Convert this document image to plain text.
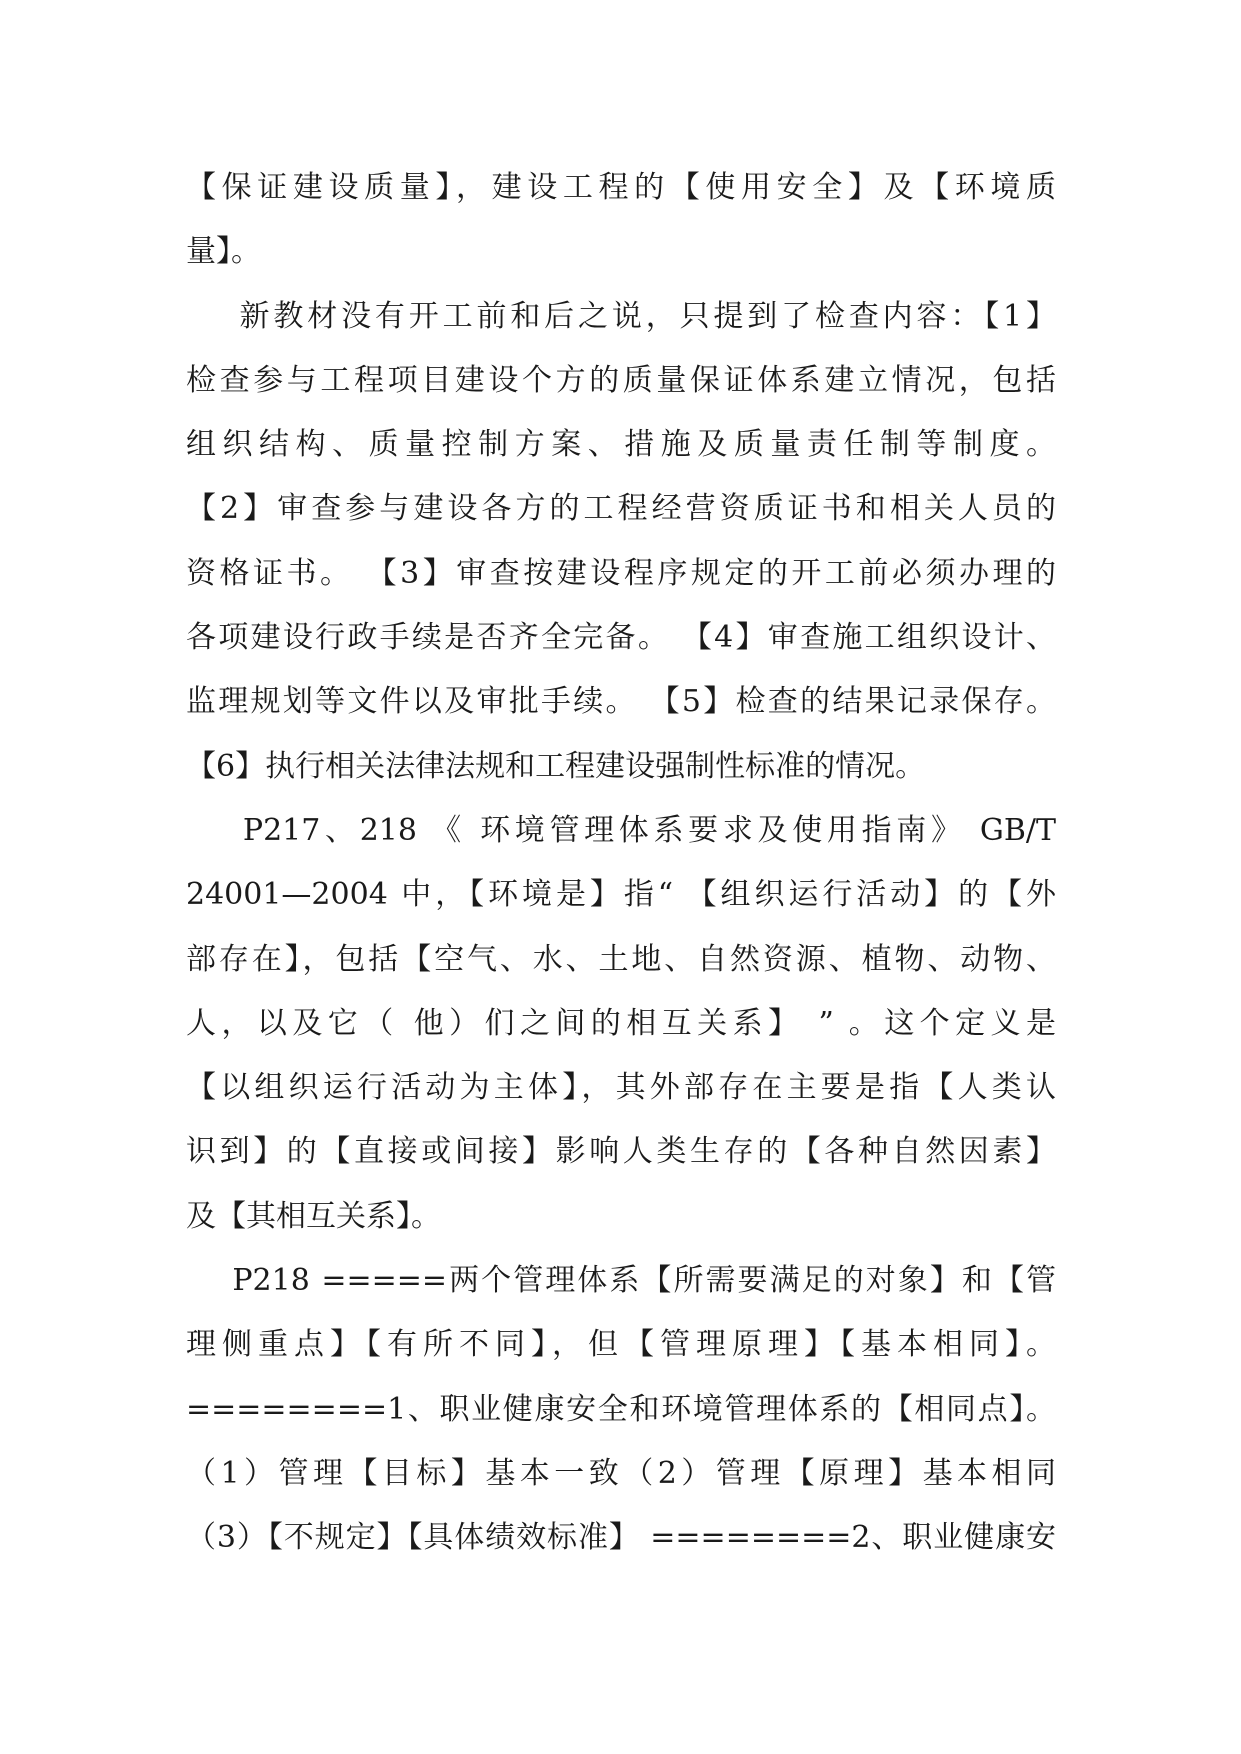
【保证建设质量】，建设工程的【使用安全】及【环境质
量】。
新教材没有开工前和后之说，只提到了检查内容：【1】
检查参与工程项目建设个方的质量保证体系建立情况，包括
组织结构、质量控制方案、措施及质量责任制等制度。
【2】审查参与建设各方的工程经营资质证书和相关人员的
资格证书。 【3】审查按建设程序规定的开工前必须办理的
各项建设行政手续是否齐全完备。 【4】审查施工组织设计、
监理规划等文件以及审批手续。 【5】检查的结果记录保存。
【6】执行相关法律法规和工程建设强制性标准的情况。
P217、218 《 环境管理体系要求及使用指南》 GB/T
24001—2004 中，【环境是】指“ 【组织运行活动】的【外
部存在】，包括【空气、水、土地、自然资源、植物、动物、
人，以及它（ 他）们之间的相互关系】 ” 。这个定义是
【以组织运行活动为主体】，其外部存在主要是指【人类认
识到】的【直接或间接】影响人类生存的【各种自然因素】
及【其相互关系】。
P218 =====两个管理体系【所需要满足的对象】和【管
理侧重点】【有所不同】，但【管理原理】【基本相同】。
========1、职业健康安全和环境管理体系的【相同点】。
（1）管理【目标】基本一致（2）管理【原理】基本相同
（3）【不规定】【具体绩效标准】 ========2、职业健康安
